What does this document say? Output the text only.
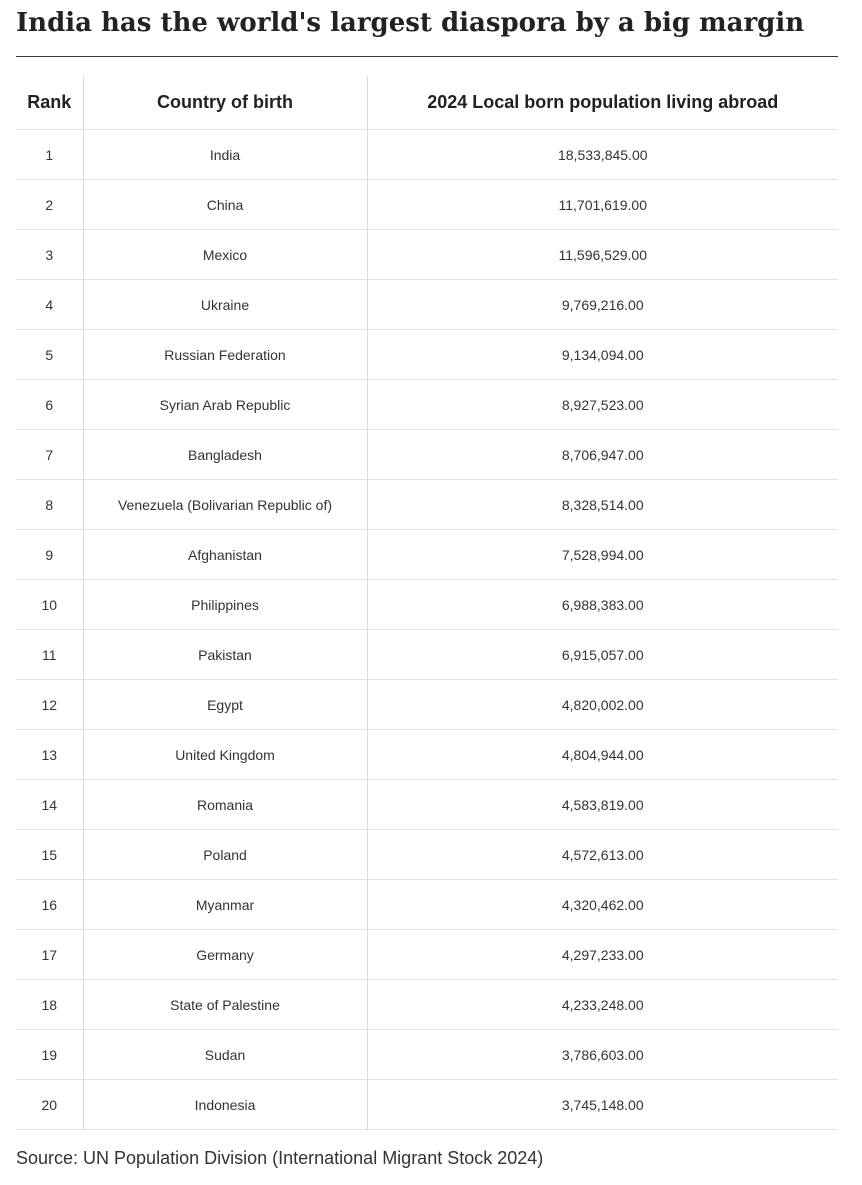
India has the world's largest diaspora by a big margin
Rank	Country of birth	2024 Local born population living abroad
1	India	18,533,845.00
2	China	11,701,619.00
3	Mexico	11,596,529.00
4	Ukraine	9,769,216.00
5	Russian Federation	9,134,094.00
6	Syrian Arab Republic	8,927,523.00
7	Bangladesh	8,706,947.00
8	Venezuela (Bolivarian Republic of)	8,328,514.00
9	Afghanistan	7,528,994.00
10	Philippines	6,988,383.00
11	Pakistan	6,915,057.00
12	Egypt	4,820,002.00
13	United Kingdom	4,804,944.00
14	Romania	4,583,819.00
15	Poland	4,572,613.00
16	Myanmar	4,320,462.00
17	Germany	4,297,233.00
18	State of Palestine	4,233,248.00
19	Sudan	3,786,603.00
20	Indonesia	3,745,148.00
Source: UN Population Division (International Migrant Stock 2024)
